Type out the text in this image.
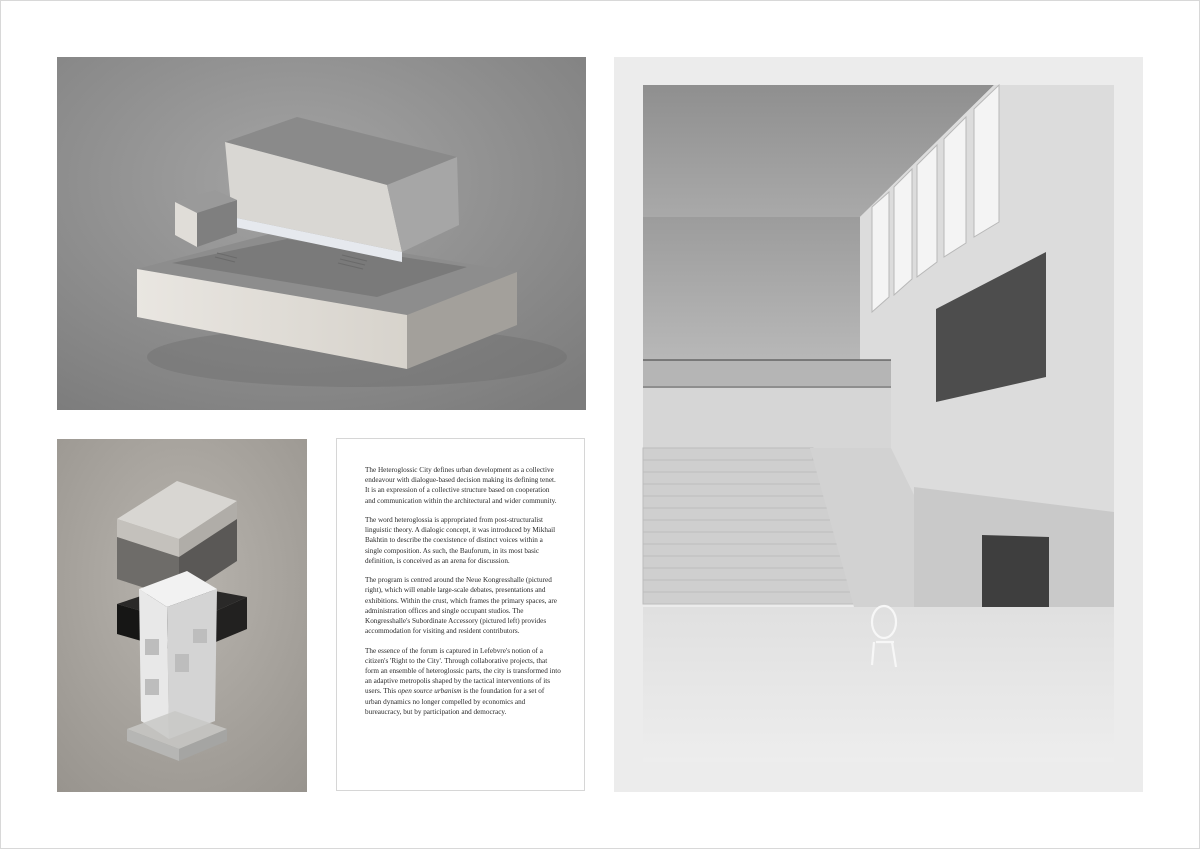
The Heteroglossic City defines urban development as a collective endeavour with dialogue-based decision making its defining tenet. It is an expression of a collective structure based on cooperation and communication within the architectural and wider community.

The word heteroglossia is appropriated from post-structuralist linguistic theory. A dialogic concept, it was introduced by Mikhail Bakhtin to describe the coexistence of distinct voices within a single composition. As such, the Bauforum, in its most basic definition, is conceived as an arena for discussion.

The program is centred around the Neue Kongresshalle (pictured right), which will enable large-scale debates, presentations and exhibitions. Within the crust, which frames the primary spaces, are administration offices and single occupant studios. The Kongresshalle's Subordinate Accessory (pictured left) provides accommodation for visiting and resident contributors.

The essence of the forum is captured in Lefebvre's notion of a citizen's 'Right to the City'. Through collaborative projects, that form an ensemble of heteroglossic parts, the city is transformed into an adaptive metropolis shaped by the tactical interventions of its users. This open source urbanism is the foundation for a set of urban dynamics no longer compelled by economics and bureaucracy, but by participation and democracy.
